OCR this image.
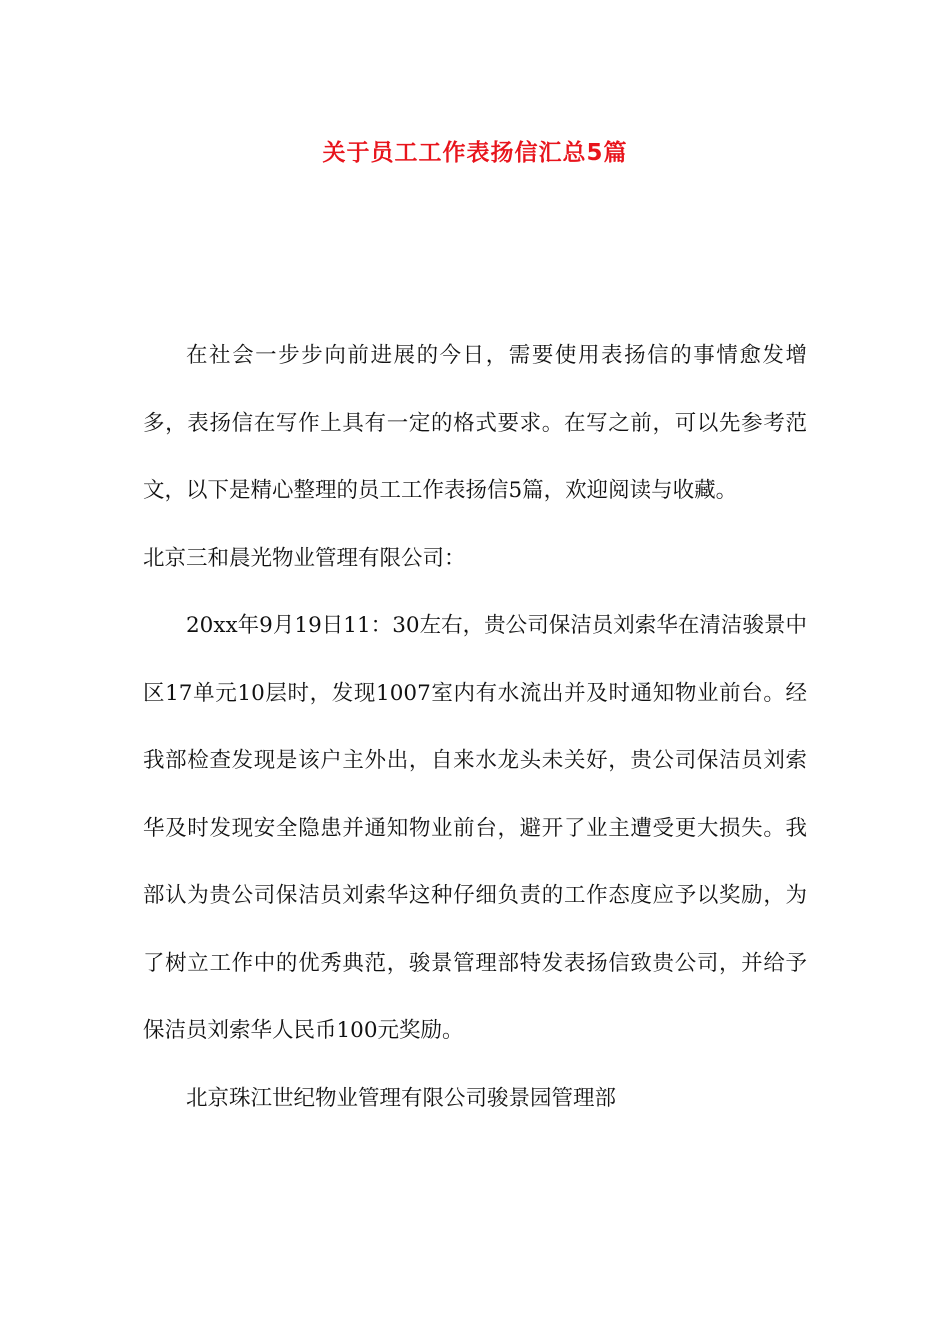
关于员工工作表扬信汇总5篇

在社会一步步向前进展的今日，需要使用表扬信的事情愈发增多，表扬信在写作上具有一定的格式要求。在写之前，可以先参考范文，以下是精心整理的员工工作表扬信5篇，欢迎阅读与收藏。

北京三和晨光物业管理有限公司：

20xx年9月19日11：30左右，贵公司保洁员刘索华在清洁骏景中区17单元10层时，发现1007室内有水流出并及时通知物业前台。经我部检查发现是该户主外出，自来水龙头未关好，贵公司保洁员刘索华及时发现安全隐患并通知物业前台，避开了业主遭受更大损失。我部认为贵公司保洁员刘索华这种仔细负责的工作态度应予以奖励，为了树立工作中的优秀典范，骏景管理部特发表扬信致贵公司，并给予保洁员刘索华人民币100元奖励。

北京珠江世纪物业管理有限公司骏景园管理部
